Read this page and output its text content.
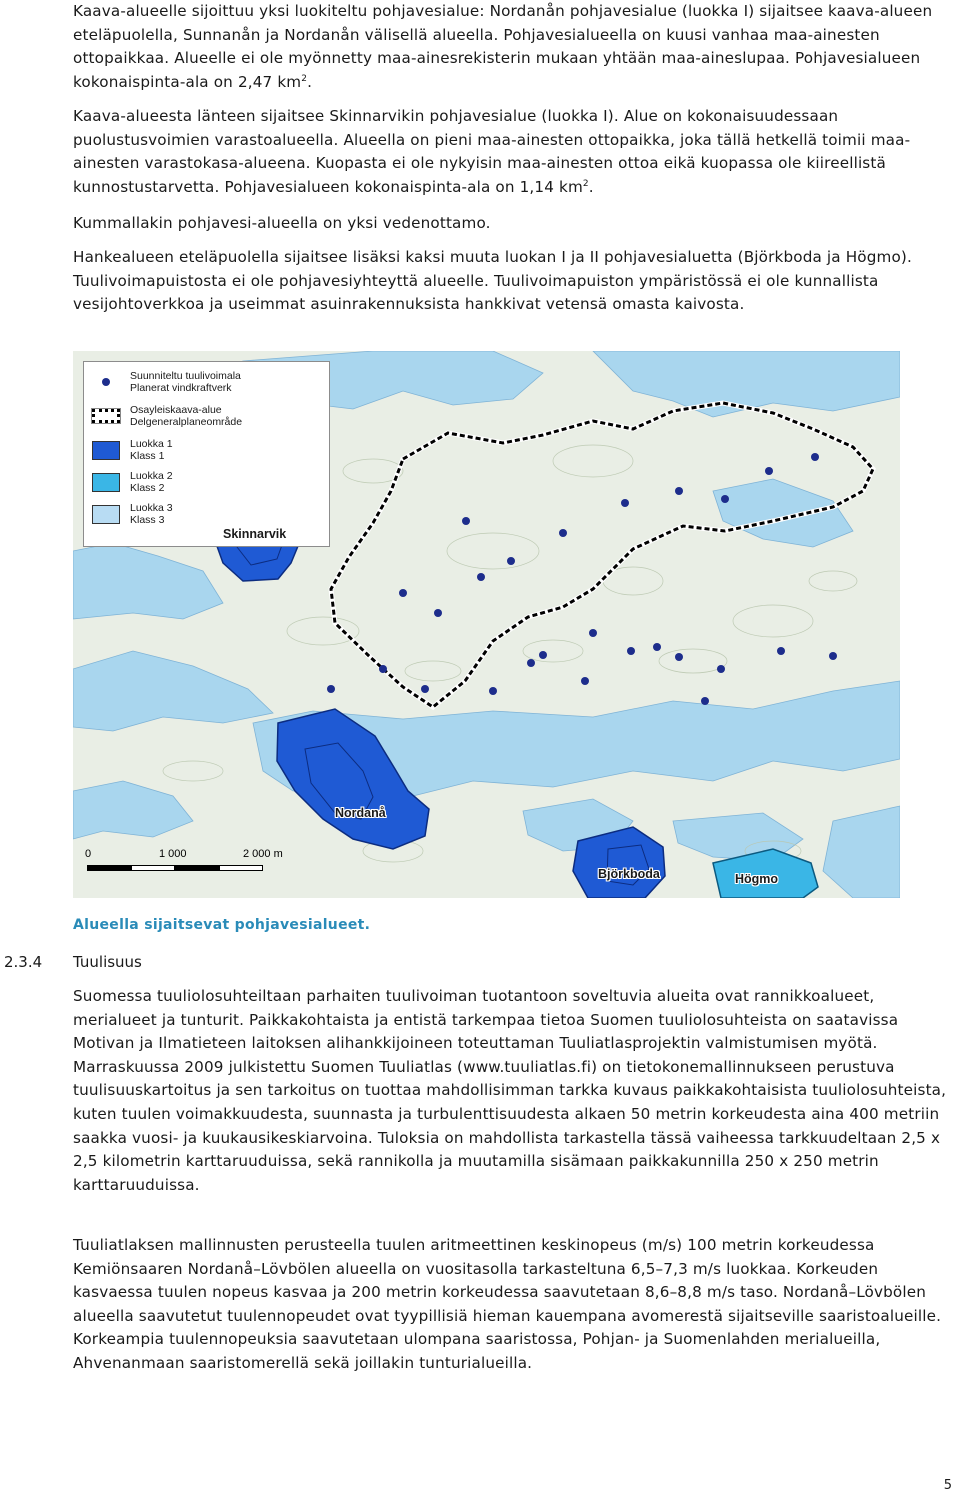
Kaava-alueelle sijoittuu yksi luokiteltu pohjavesialue: Nordanån pohjavesialue (luokka I) sijaitsee kaava-alueen eteläpuolella, Sunnanån ja Nordanån välisellä alueella. Pohjavesialueella on kuusi vanhaa maa-ainesten ottopaikkaa. Alueelle ei ole myönnetty maa-ainesrekisterin mukaan yhtään maa-aineslupaa. Pohjavesialueen kokonaispinta-ala on 2,47 $km^2$.

Kaava-alueesta länteen sijaitsee Skinnarvikin pohjavesialue (luokka I). Alue on kokonaisuudessaan puolustusvoimien varastoalueella. Alueella on pieni maa-ainesten ottopaikka, joka tällä hetkellä toimii maa-ainesten varastokasa-alueena. Kuopasta ei ole nykyisin maa-ainesten ottoa eikä kuopassa ole kiireellistä kunnostustarvetta. Pohjavesialueen kokonaispinta-ala on 1,14 $km^2$.

Kummallakin pohjavesi-alueella on yksi vedenottamo.

Hankealueen eteläpuolella sijaitsee lisäksi kaksi muuta luokan I ja II pohjavesialuetta (Björkboda ja Högmo). Tuulivoimapuistosta ei ole pohjavesiyhteyttä alueelle. Tuulivoimapuiston ympäristössä ei ole kunnallista vesijohtoverkkoa ja useimmat asuinrakennuksista hankkivat vetensä omasta kaivosta.

Suunniteltu tuulivoimala
Planerat vindkraftverk
Osayleiskaava-alue
Delgeneralplaneområde
Luokka 1
Klass 1
Luokka 2
Klass 2
Luokka 3
Klass 3
Skinnarvik
Nordanå
Björkboda	Högmo
0	1 000	2 000 m

Alueella sijaitsevat pohjavesialueet.

2.3.4 Tuulisuus

Suomessa tuuliolosuhteiltaan parhaiten tuulivoiman tuotantoon soveltuvia alueita ovat rannikkoalueet, merialueet ja tunturit. Paikkakohtaista ja entistä tarkempaa tietoa Suomen tuuliolosuhteista on saatavissa Motivan ja Ilmatieteen laitoksen alihankkijoineen toteuttaman Tuuliatlasprojektin valmistumisen myötä. Marraskuussa 2009 julkistettu Suomen Tuuliatlas (www.tuuliatlas.fi) on tietokonemallinnukseen perustuva tuulisuuskartoitus ja sen tarkoitus on tuottaa mahdollisimman tarkka kuvaus paikkakohtaisista tuuliolosuhteista, kuten tuulen voimakkuudesta, suunnasta ja turbulenttisuudesta alkaen 50 metrin korkeudesta aina 400 metriin saakka vuosi- ja kuukausikeskiarvoina. Tuloksia on mahdollista tarkastella tässä vaiheessa tarkkuudeltaan 2,5 x 2,5 kilometrin karttaruuduissa, sekä rannikolla ja muutamilla sisämaan paikkakunnilla 250 x 250 metrin karttaruuduissa.

Tuuliatlaksen mallinnusten perusteella tuulen aritmeettinen keskinopeus (m/s) 100 metrin korkeudessa Kemiönsaaren Nordanå–Lövbölen alueella on vuositasolla tarkasteltuna 6,5–7,3 m/s luokkaa. Korkeuden kasvaessa tuulen nopeus kasvaa ja 200 metrin korkeudessa saavutetaan 8,6–8,8 m/s taso. Nordanå–Lövbölen alueella saavutetut tuulennopeudet ovat tyypillisiä hieman kauempana avomerestä sijaitseville saaristoalueille. Korkeampia tuulennopeuksia saavutetaan ulompana saaristossa, Pohjan- ja Suomenlahden merialueilla, Ahvenanmaan saaristomerellä sekä joillakin tunturialueilla.

5
